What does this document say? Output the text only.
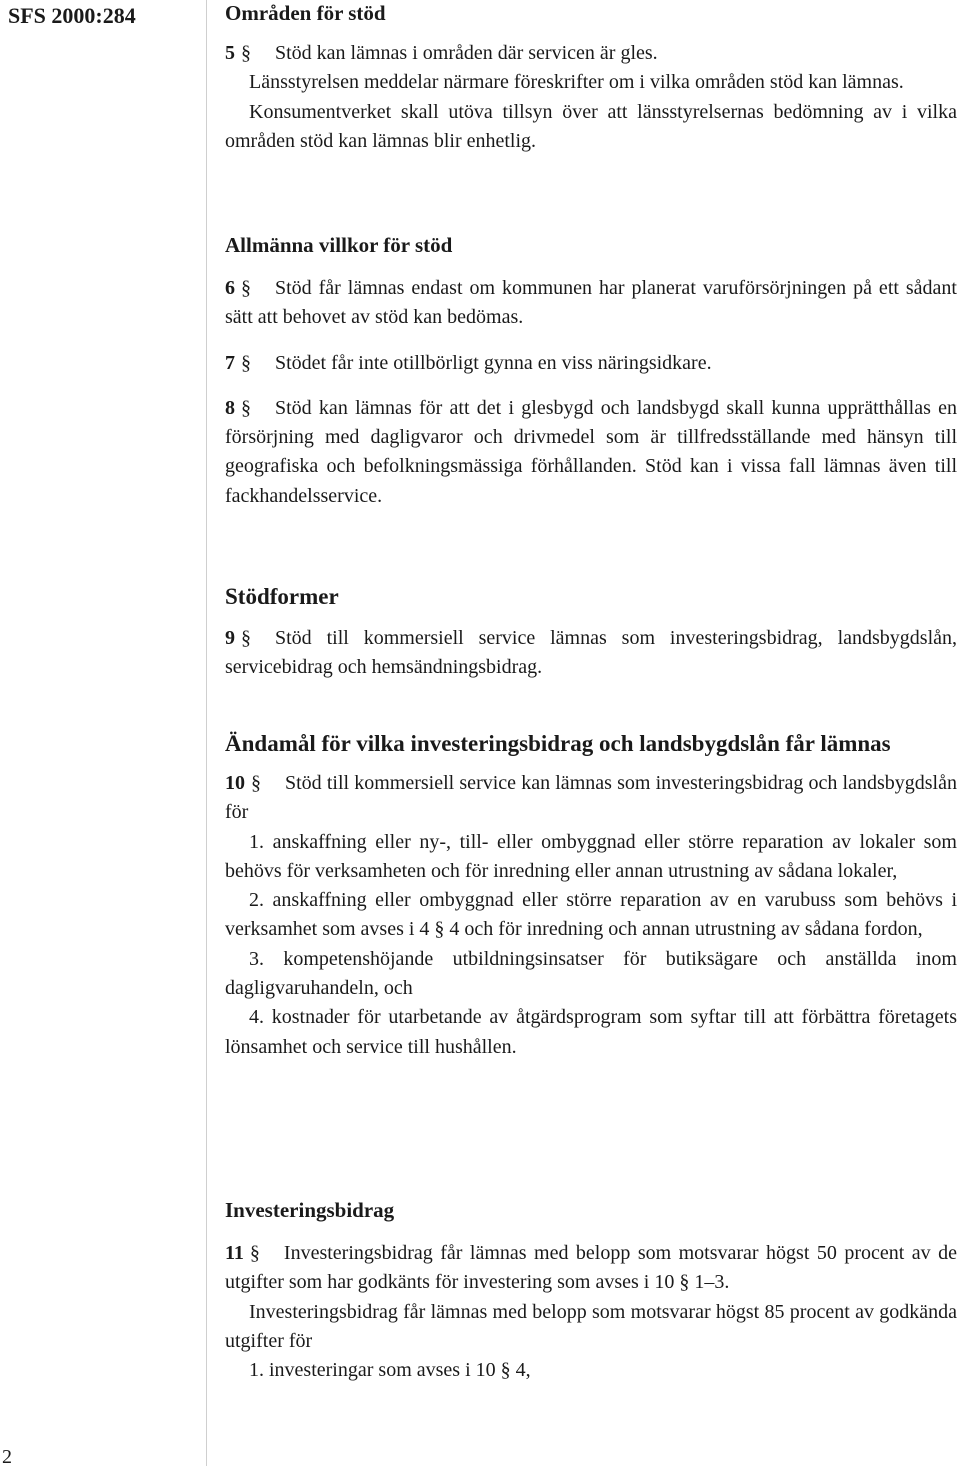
SFS 2000:284
2
Områden för stöd

5 § Stöd kan lämnas i områden där servicen är gles.

Länsstyrelsen meddelar närmare föreskrifter om i vilka områden stöd kan lämnas.

Konsumentverket skall utöva tillsyn över att länsstyrelsernas bedömning av i vilka områden stöd kan lämnas blir enhetlig.

Allmänna villkor för stöd

6 § Stöd får lämnas endast om kommunen har planerat varuförsörjningen på ett sådant sätt att behovet av stöd kan bedömas.

7 § Stödet får inte otillbörligt gynna en viss näringsidkare.

8 § Stöd kan lämnas för att det i glesbygd och landsbygd skall kunna upprätthållas en försörjning med dagligvaror och drivmedel som är tillfredsställande med hänsyn till geografiska och befolkningsmässiga förhållanden. Stöd kan i vissa fall lämnas även till fackhandelsservice.

Stödformer

9 § Stöd till kommersiell service lämnas som investeringsbidrag, landsbygdslån, servicebidrag och hemsändningsbidrag.

Ändamål för vilka investeringsbidrag och landsbygdslån får lämnas

10 § Stöd till kommersiell service kan lämnas som investeringsbidrag och landsbygdslån för

1. anskaffning eller ny-, till- eller ombyggnad eller större reparation av lokaler som behövs för verksamheten och för inredning eller annan utrustning av sådana lokaler,

2. anskaffning eller ombyggnad eller större reparation av en varubuss som behövs i verksamhet som avses i 4 § 4 och för inredning och annan utrustning av sådana fordon,

3. kompetenshöjande utbildningsinsatser för butiksägare och anställda inom dagligvaruhandeln, och

4. kostnader för utarbetande av åtgärdsprogram som syftar till att förbättra företagets lönsamhet och service till hushållen.

Investeringsbidrag

11 § Investeringsbidrag får lämnas med belopp som motsvarar högst 50 procent av de utgifter som har godkänts för investering som avses i 10 § 1–3.

Investeringsbidrag får lämnas med belopp som motsvarar högst 85 procent av godkända utgifter för

1. investeringar som avses i 10 § 4,
